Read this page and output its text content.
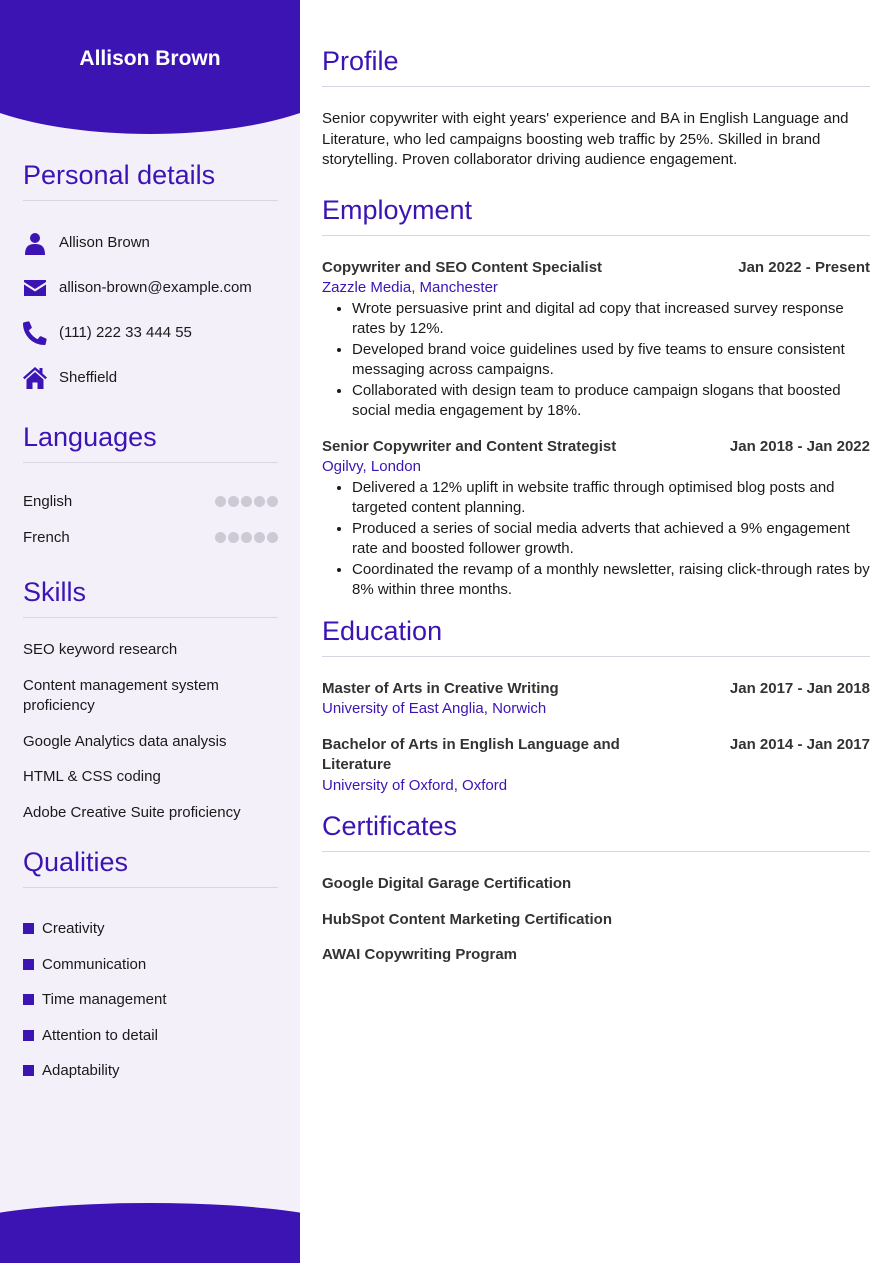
Allison Brown
Personal details
Allison Brown
allison-brown@example.com
(111) 222 33 444 55
Sheffield
Languages
English
French
Skills
SEO keyword research
Content management system proficiency
Google Analytics data analysis
HTML & CSS coding
Adobe Creative Suite proficiency
Qualities
Creativity
Communication
Time management
Attention to detail
Adaptability
Profile

Senior copywriter with eight years' experience and BA in English Language and Literature, who led campaigns boosting web traffic by 25%. Skilled in brand storytelling. Proven collaborator driving audience engagement.

Employment
Copywriter and SEO Content Specialist	Jan 2022 - Present
Zazzle Media, Manchester
• Wrote persuasive print and digital ad copy that increased survey response rates by 12%.
• Developed brand voice guidelines used by five teams to ensure consistent messaging across campaigns.
• Collaborated with design team to produce campaign slogans that boosted social media engagement by 18%.
Senior Copywriter and Content Strategist	Jan 2018 - Jan 2022
Ogilvy, London
• Delivered a 12% uplift in website traffic through optimised blog posts and targeted content planning.
• Produced a series of social media adverts that achieved a 9% engagement rate and boosted follower growth.
• Coordinated the revamp of a monthly newsletter, raising click-through rates by 8% within three months.
Education
Master of Arts in Creative Writing	Jan 2017 - Jan 2018
University of East Anglia, Norwich
Bachelor of Arts in English Language and Literature
Jan 2014 - Jan 2017
University of Oxford, Oxford
Certificates
Google Digital Garage Certification
HubSpot Content Marketing Certification
AWAI Copywriting Program
